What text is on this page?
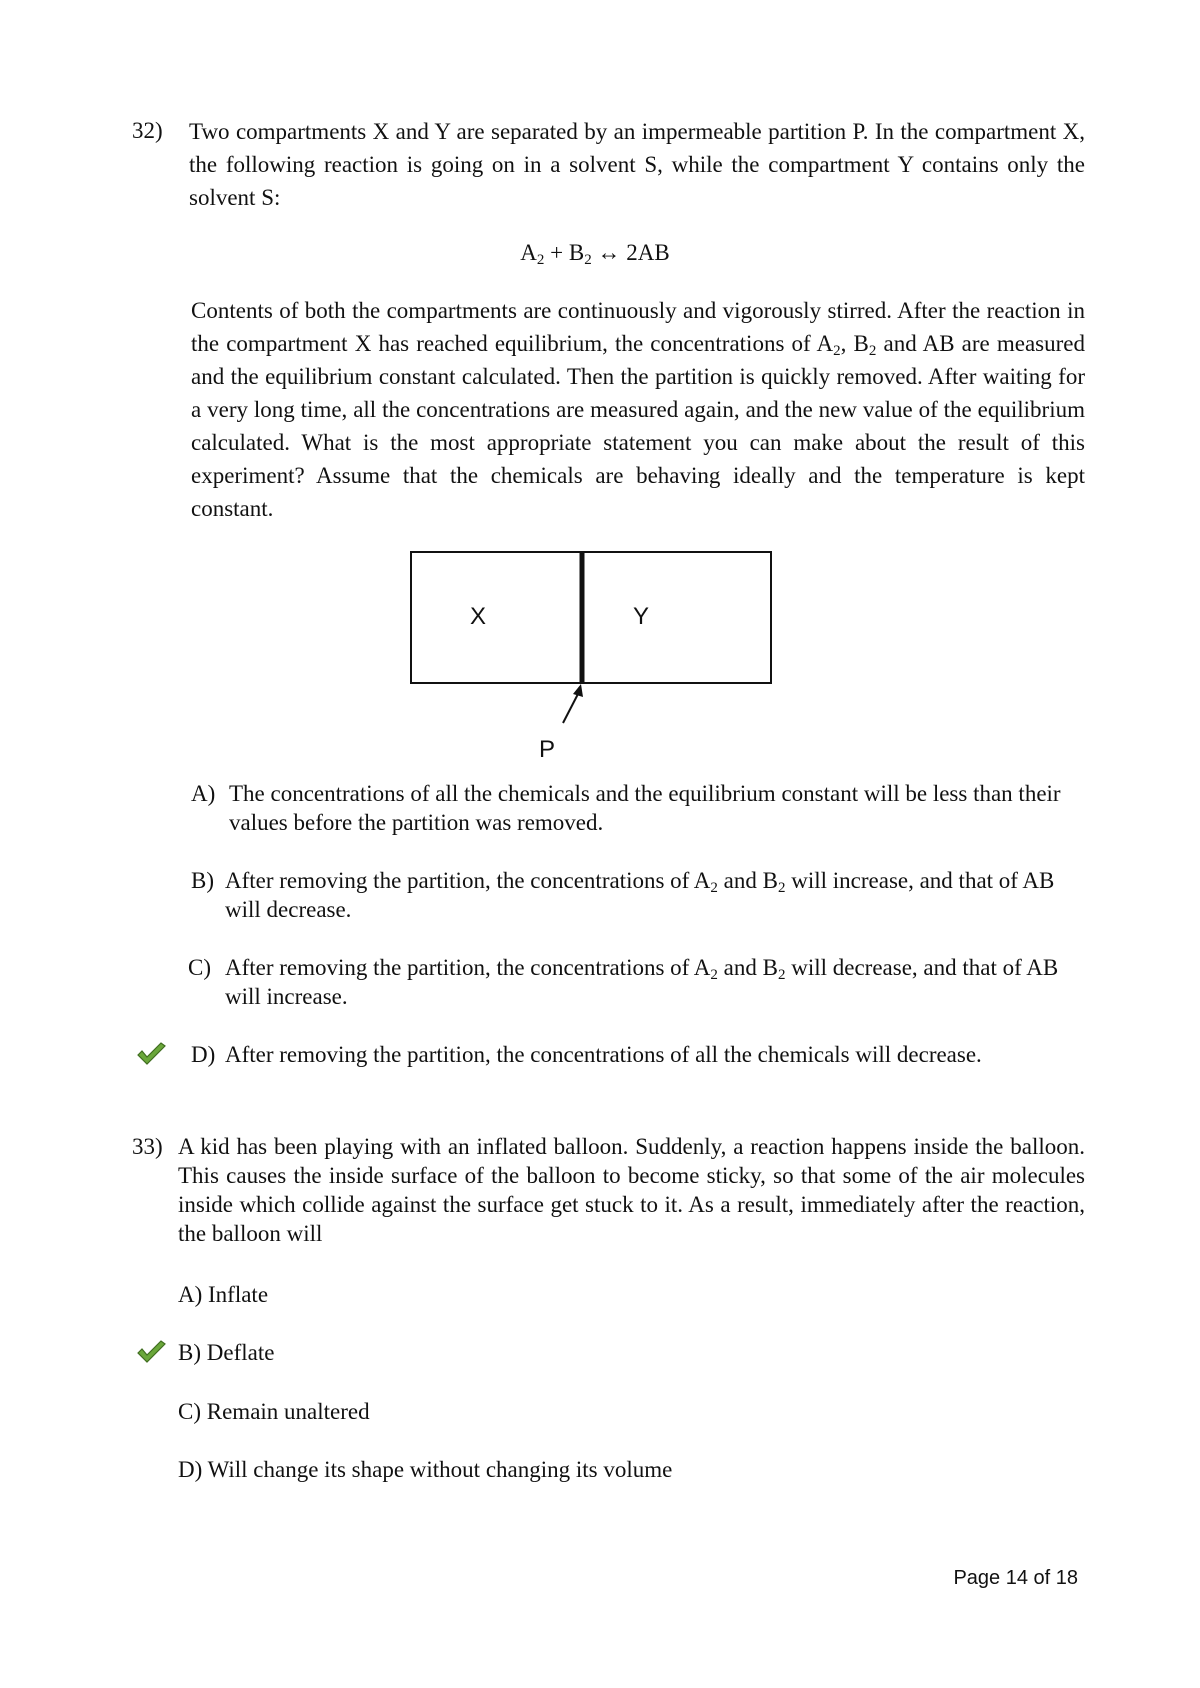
32) Two compartments X and Y are separated by an impermeable partition P. In the compartment X, the following reaction is going on in a solvent S, while the compartment Y contains only the solvent S:
$A_2 + B_2$ ↔ 2AB
Contents of both the compartments are continuously and vigorously stirred. After the reaction in the compartment X has reached equilibrium, the concentrations of $A_2$, $B_2$ and AB are measured and the equilibrium constant calculated. Then the partition is quickly removed. After waiting for a very long time, all the concentrations are measured again, and the new value of the equilibrium calculated. What is the most appropriate statement you can make about the result of this experiment? Assume that the chemicals are behaving ideally and the temperature is kept constant.
X	Y
P
A) The concentrations of all the chemicals and the equilibrium constant will be less than their values before the partition was removed.
B) After removing the partition, the concentrations of $A_2$ and $B_2$ will increase, and that of AB will decrease.
C) After removing the partition, the concentrations of $A_2$ and $B_2$ will decrease, and that of AB will increase.
D) After removing the partition, the concentrations of all the chemicals will decrease.
33) A kid has been playing with an inflated balloon. Suddenly, a reaction happens inside the balloon. This causes the inside surface of the balloon to become sticky, so that some of the air molecules inside which collide against the surface get stuck to it. As a result, immediately after the reaction, the balloon will
A) Inflate
B) Deflate
C) Remain unaltered
D) Will change its shape without changing its volume
Page 14 of 18
